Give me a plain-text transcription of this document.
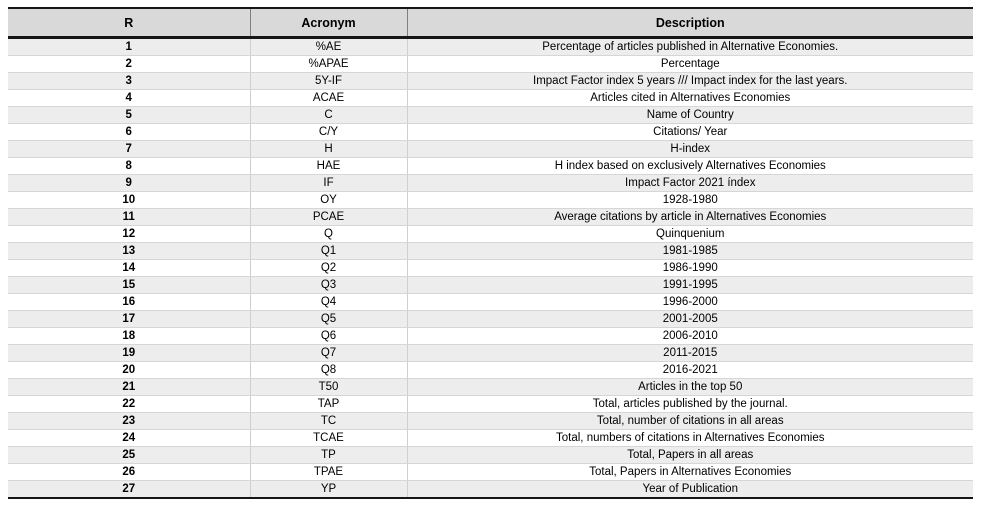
R	Acronym	Description
1	%AE	Percentage of articles published in Alternative Economies.
2	%APAE	Percentage
3	5Y-IF	Impact Factor index 5 years /// Impact index for the last years.
4	ACAE	Articles cited in Alternatives Economies
5	C	Name of Country
6	C/Y	Citations/ Year
7	H	H-index
8	HAE	H index based on exclusively Alternatives Economies
9	IF	Impact Factor 2021 índex
10	OY	1928-1980
11	PCAE	Average citations by article in Alternatives Economies
12	Q	Quinquenium
13	Q1	1981-1985
14	Q2	1986-1990
15	Q3	1991-1995
16	Q4	1996-2000
17	Q5	2001-2005
18	Q6	2006-2010
19	Q7	2011-2015
20	Q8	2016-2021
21	T50	Articles in the top 50
22	TAP	Total, articles published by the journal.
23	TC	Total, number of citations in all areas
24	TCAE	Total, numbers of citations in Alternatives Economies
25	TP	Total, Papers in all areas
26	TPAE	Total, Papers in Alternatives Economies
27	YP	Year of Publication
